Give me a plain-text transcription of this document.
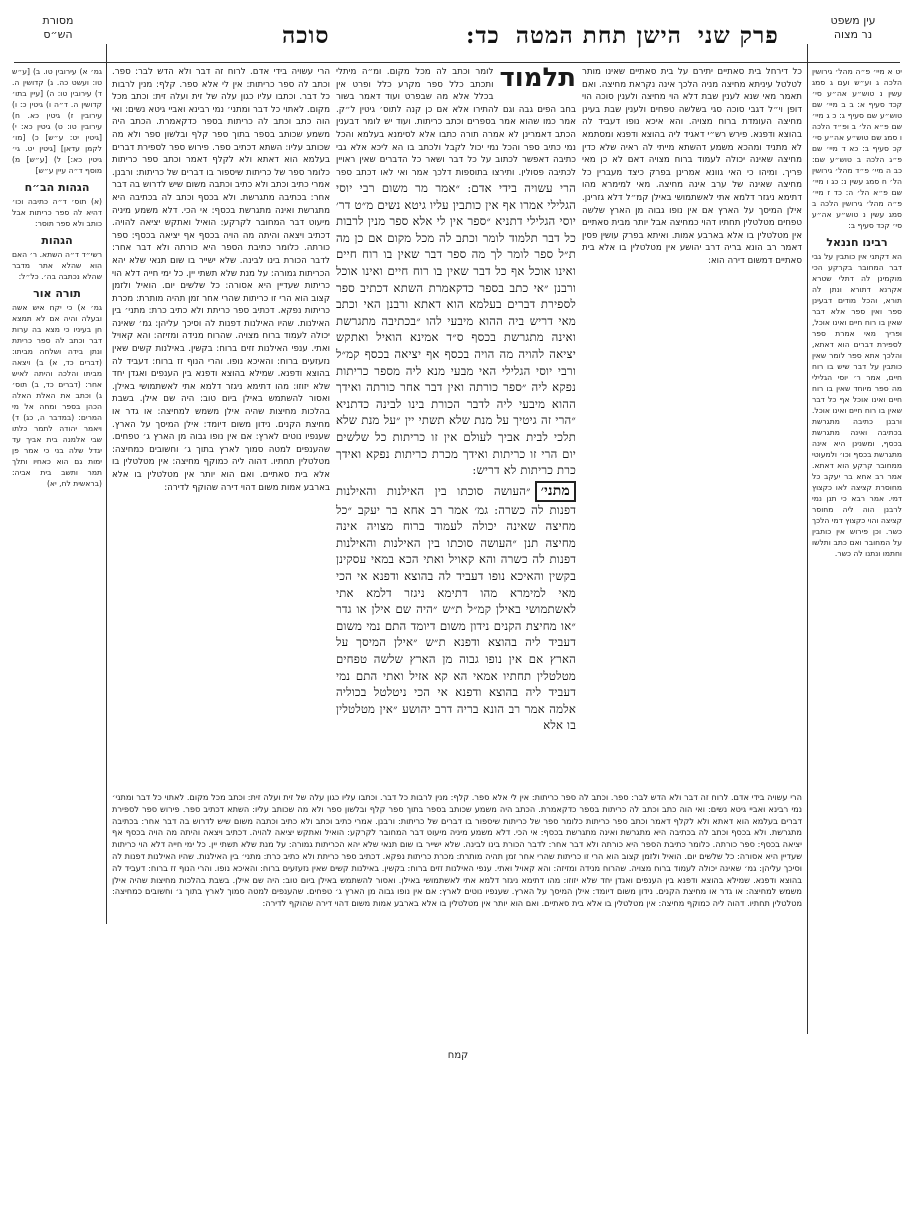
מסורת
הש״ס	סוכה	פרק שני
הישן תחת המטה
כד:
עין משפט
נר מצוה
גמ׳ א) עירובין טו. ב) [ע״ש טו: ועשט כה. ג) קדושין ה. ד) עירובין טו: ה) [עיין בתו׳ קדושין ה. ד״ה ו) גיטין כ: ו) עירובין ז) גיטין כא. ח) עירובין טו: ט) גיטין כא: י) [גיטין יט: ע״ש] כ) [מו׳ לקמן עדאן] [גיטין יט. גי׳ גיטין כא:] ל) [ע״ש] מ) מוסף ד״ה עיין ע״ש]
הגהות הב״ח
(א) תוס׳ ד״ה כתיבה וכו׳ דהיא לה ספר כריתות אבל כותב ולא ספר תוסר:
הגהות
רשי״ד ד״ה השתא. ר׳ האם הוא שהלא אתר מדבר שהלא נכתבה בה׳. כל״ל:
תורה אור
גמ׳ א) כי יקח איש אשה ובעלה והיה אם לא תמצא חן בעיניו כי מצא בה ערות דבר וכתב לה ספר כריתת ונתן בידה ושלחה מביתו: (דברים כד, א) ב) ויצאה מביתו והלכה והיתה לאיש אחר: (דברים כד, ב) תוס׳ ג) וכתב את האלת האלה הכהן בספר ומחה אל מי המרים: (במדבר ה, כג) ד) ויאמר יהודה לתמר כלתו שבי אלמנה בית אביך עד יגדל שלה בני כי אמר פן ימות גם הוא כאחיו ותלך תמר ותשב בית אביה: (בראשית לח, יא)
הרי עשויה בידי אדם. לרוח זה דבר ולא הדש לבר: ספר. וכתב לה ספר כריתות: אין לי אלא ספר. קלף: מנין לרבות כל דבר. וכתבו עליו כגון עלה של זית ועלה זית: וכתב מכל מקום. לאתוי כל דבר ומתני׳ נמי רבינא ואביי גיטא נשים: ואי הוה כתב וכתב לה כריתות בספר כדקאמרת. הכתב היה משמע שכותב בספר בתוך ספר קלף ובלשון ספר ולא מה שכותב עליו: השתא דכתיב ספר. פירוש ספר לספירת דברים בעלמא הוא דאתא ולא לקלף דאמר וכתב ספר כריתות כלומר ספר של כריתות שיספור בו דברים של כריתות: ורבנן. אמרי כתיב וכתב ולא כתיב וכתבה משום שיש לדרוש בה דבר אחר: בכתיבה מתגרשת. ולא בכסף וכתב לה בכתיבה היא מתגרשת ואינה מתגרשת בכסף: אי הכי. דלא משמע מיניה מיעוט דבר המחובר לקרקע: הואיל ואתקש יציאה להויה. דכתיב ויצאה והיתה מה הויה בכסף אף יציאה בכסף: ספר כורתה. כלומר כתיבת הספר היא כורתה ולא דבר אחר: לדבר הכורת בינו לבינה. שלא ישייר בו שום תנאי שלא יהא הכריתות גמורה: על מנת שלא תשתי יין. כל ימי חייה דלא הוי כריתות שעדיין היא אסורה: כל שלשים יום. הואיל ולזמן קצוב הוא הרי זו כריתות שהרי אחר זמן תהיה מותרת: מכרת כריתות נפקא. דכתיב ספר כריתת ולא כתיב כרת: מתני׳ בין האילנות. שהיו האילנות דפנות לה וסיכך עליהן: גמ׳ שאינה יכולה לעמוד ברוח מצויה. שהרוח מנידה ומזיזה: והא קאויל ואתי. ענפי האילנות זזים ברוח: בקשין. באילנות קשים שאין נזעזעים ברוח: והאיכא נופו. והרי הנוף זז ברוח: דעביד לה בהוצא ודפנא. שמילא בהוצא ודפנא בין הענפים ואגדן יחד שלא יזוזו: מהו דתימא ניגזר דלמא אתי לאשתמושי באילן. ואסור להשתמש באילן ביום טוב: היה שם אילן. בשבת בהלכות מחיצות שהיה אילן משמש למחיצה: או גדר או מחיצת הקנים. נידון משום דיומד: אילן המיסך על הארץ. שענפיו נוטים לארץ: אם אין נופו גבוה מן הארץ ג׳ טפחים. שהענפים למטה סמוך לארץ בתוך ג׳ וחשובים כמחיצה: מטלטלין תחתיו. דהוה ליה כמוקף מחיצה: אין מטלטלין בו אלא בית סאתיים. ואם הוא יותר אין מטלטלין בו אלא בארבע אמות משום דהוי דירה שהוקף לדירה:
הרי עשויה בידי אדם: ״אמר מר משום רבי יוסי הגלילי אמרו אף אין כותבין עליו גיטא נשים מ״ט דר׳ יוסי הגלילי דתניא ״ספר אין לי אלא ספר מנין לרבות כל דבר תלמוד לומר וכתב לה מכל מקום אם כן מה ת״ל ספר לומר לך מה ספר דבר שאין בו רוח חיים ואינו אוכל אף כל דבר שאין בו רוח חיים ואינו אוכל ורבנן ״אי כתב בספר כדקאמרת השתא דכתיב ספר לספירת דברים בעלמא הוא דאתא ורבנן האי וכתב מאי דריש ביה ההוא מיבעי להו ״בכתיבה מתגרשת ואינה מתגרשת בכסף ס״ד אמינא הואיל ואתקש יציאה להויה מה הויה בכסף אף יציאה בכסף קמ״ל ורבי יוסי הגלילי האי מבעי מנא ליה מספר כריתות נפקא ליה ״ספר כורתה ואין דבר אחר כורתה ואידך ההוא מיבעי ליה לדבר הכורת בינו לבינה כדתניא ״הרי זה גיטיך על מנת שלא תשתי יין ״על מנת שלא תלכי לבית אביך לעולם אין זו כריתות כל שלשים יום הרי זו כריתות ואידך מכרת כריתות נפקא ואידך כרת כריתות לא דריש:
מתני׳״העושה סוכתו בין האילנות והאילנות דפנות לה כשרה: גמ׳ אמר רב אחא בר יעקב ״כל מחיצה שאינה יכולה לעמוד ברוח מצויה אינה מחיצה תנן ״העושה סוכתו בין האילנות והאילנות דפנות לה כשרה והא קאויל ואתי הכא במאי עסקינן בקשין והאיכא נופו דעביד לה בהוצא ודפנא אי הכי מאי למימרא מהו דתימא ניגזר דלמא אתי לאשתמושי באילן קמ״ל ת״ש ״היה שם אילן או גדר ״או מחיצת הקנים נידון משום דיומד התם נמי משום דעביד ליה בהוצא ודפנא ת״ש ״אילן המיסך על הארץ אם אין נופו גבוה מן הארץ שלשה טפחים מטלטלין תחתיו אמאי הא קא אזיל ואתי התם נמי דעביד ליה בהוצא ודפנא אי הכי ניטלטל בכוליה אלמה אמר רב הונא בריה דרב יהושע ״אין מטלטלין בו אלא
תלמוד
לומר וכתב לה מכל מקום. ומ״ה מיתלי ותכתב כלל ספר מקרע כלל ופרט אין בכלל אלא מה שבפרט ועוד דאמר בשור בחב הפים גבה וגם להתירו אלא אם כן קנה לתוס׳ גיטין ל״ק. אמר כמו שהוא אמר בספרים וכתב כריתות. ועוד יש לומר דבענין הכתב דאמרינן לא אמרה תורה כתבו אלא לסימנא בעלמא והכל נמי כתיב ספר והכל נמי יכול לקבל ולכתב בו הא ליכא אלא גבי כתיבה דאפשר לכתוב על כל דבר ושאר כל הדברים שאין ראויין לכתיבה פסולין. ותירצו בתוספות דלכך אמר ואי לאו דכתב ספר
כל דירחל בית סאתיים יתירם על בית סאתיים שאינו מותר לטלטל עיניתא מחיצה מניה הלכך אינה נקראת מחיצה. ואם תאמר מאי שנא לענין שבת דלא הוי מחיצה ולענין סוכה הוי דופן וי״ל דגבי סוכה סגי בשלשה טפחים ולענין שבת בעינן מחיצה העומדת ברוח מצויה. והא איכא נופו דעביד לה בהוצא ודפנא. פירש רש״י דאגיד ליה בהוצא ודפנא ומסתמא לא מתניד ומהכא משמע דהשתא מייתי לה ראיה שלא כדין מחיצה שאינה יכולה לעמוד ברוח מצויה דאם לא כן מאי פריך. ומיהו כי האי גוונא אמרינן בפרק כיצד מעברין כל מחיצה שאינה של ערב אינה מחיצה. מאי למימרא מהו דתימא ניגזר דלמא אתי לאשתמושי באילן קמ״ל דלא גזרינן. אילן המיסך על הארץ אם אין נופו גבוה מן הארץ שלשה טפחים מטלטלין תחתיו דהוי כמחיצה אבל יותר מבית סאתיים אין מטלטלין בו אלא בארבע אמות. ואיתא בפרק עושין פסין דאמר רב הונא בריה דרב יהושע אין מטלטלין בו אלא בית סאתיים דמשום דירה הוא:
יט א מיי׳ פ״ה מהל׳ גירושין הלכה ג וע״ש ועם ג סמג עשין נ טוש״ע אה״ע סי׳ קכד סעיף א: ב ב מיי׳ שם טוש״ע שם סעיף ג: כ ג מיי׳ שם פ״א הל׳ ב ופ״ד הלכה ו סמג שם טוש״ע אה״ע סי׳ קכ סעיף ב: כא ד מיי׳ שם פ״ג הלכה ב טוש״ע שם: כב ה מיי׳ פ״ד מהל׳ גירושין הל׳ ח סמג עשין נ: כג ו מיי׳ שם פ״א הל׳ ה: כד ז מיי׳ פ״ה מהל׳ גירושין הלכה ב סמג עשין נ טוש״ע אה״ע סי׳ קכד סעיף ב:
רבינו חננאל
הא דקתני אין כותבין על גבי דבר המחובר בקרקע הכי מוקמינן לה דתלי שטרא אקרנא דתורא ונתן לה תורא, והכל מודים דבעינן ספר ואין ספר אלא דבר שאין בו רוח חיים ואינו אוכל, ופריך מאי אמרת ספר לספירת דברים הוא דאתא, והלכך אתא ספר לומר שאין כותבין על דבר שיש בו רוח חיים, אמר ר׳ יוסי הגלילי מה ספר מיוחד שאין בו רוח חיים ואינו אוכל אף כל דבר שאין בו רוח חיים ואינו אוכל. ורבנן כתיבה מתגרשת בכתיבה ואינה מתגרשת בכסף, ומשנינן היא אינה מתגרשת בכסף וכו׳ ולמעוטי ממחובר קרקע הוא דאתא. אמר רב אחא בר יעקב כל מחוסרת קציצה לאו כקצוץ דמי. אמר רבא כי תנן נמי לרבנן הוה ליה מחוסר קציצה והוי כקצוץ דמי הלכך כשר. וכן פירוש אין כותבין על המחובר ואם כתב ותלשו וחתמו ונתנו לה כשר.
הרי עשויה בידי אדם. לרוח זה דבר ולא הדש לבר: ספר. וכתב לה ספר כריתות: אין לי אלא ספר. קלף: מנין לרבות כל דבר. וכתבו עליו כגון עלה של זית ועלה זית: וכתב מכל מקום. לאתוי כל דבר ומתני׳ נמי רבינא ואביי גיטא נשים: ואי הוה כתב וכתב לה כריתות בספר כדקאמרת. הכתב היה משמע שכותב בספר בתוך ספר קלף ובלשון ספר ולא מה שכותב עליו: השתא דכתיב ספר. פירוש ספר לספירת דברים בעלמא הוא דאתא ולא לקלף דאמר וכתב ספר כריתות כלומר ספר של כריתות שיספור בו דברים של כריתות: ורבנן. אמרי כתיב וכתב ולא כתיב וכתבה משום שיש לדרוש בה דבר אחר: בכתיבה מתגרשת. ולא בכסף וכתב לה בכתיבה היא מתגרשת ואינה מתגרשת בכסף: אי הכי. דלא משמע מיניה מיעוט דבר המחובר לקרקע: הואיל ואתקש יציאה להויה. דכתיב ויצאה והיתה מה הויה בכסף אף יציאה בכסף: ספר כורתה. כלומר כתיבת הספר היא כורתה ולא דבר אחר: לדבר הכורת בינו לבינה. שלא ישייר בו שום תנאי שלא יהא הכריתות גמורה: על מנת שלא תשתי יין. כל ימי חייה דלא הוי כריתות שעדיין היא אסורה: כל שלשים יום. הואיל ולזמן קצוב הוא הרי זו כריתות שהרי אחר זמן תהיה מותרת: מכרת כריתות נפקא. דכתיב ספר כריתת ולא כתיב כרת: מתני׳ בין האילנות. שהיו האילנות דפנות לה וסיכך עליהן: גמ׳ שאינה יכולה לעמוד ברוח מצויה. שהרוח מנידה ומזיזה: והא קאויל ואתי. ענפי האילנות זזים ברוח: בקשין. באילנות קשים שאין נזעזעים ברוח: והאיכא נופו. והרי הנוף זז ברוח: דעביד לה בהוצא ודפנא. שמילא בהוצא ודפנא בין הענפים ואגדן יחד שלא יזוזו: מהו דתימא ניגזר דלמא אתי לאשתמושי באילן. ואסור להשתמש באילן ביום טוב: היה שם אילן. בשבת בהלכות מחיצות שהיה אילן משמש למחיצה: או גדר או מחיצת הקנים. נידון משום דיומד: אילן המיסך על הארץ. שענפיו נוטים לארץ: אם אין נופו גבוה מן הארץ ג׳ טפחים. שהענפים למטה סמוך לארץ בתוך ג׳ וחשובים כמחיצה: מטלטלין תחתיו. דהוה ליה כמוקף מחיצה: אין מטלטלין בו אלא בית סאתיים. ואם הוא יותר אין מטלטלין בו אלא בארבע אמות משום דהוי דירה שהוקף לדירה:
קמח
